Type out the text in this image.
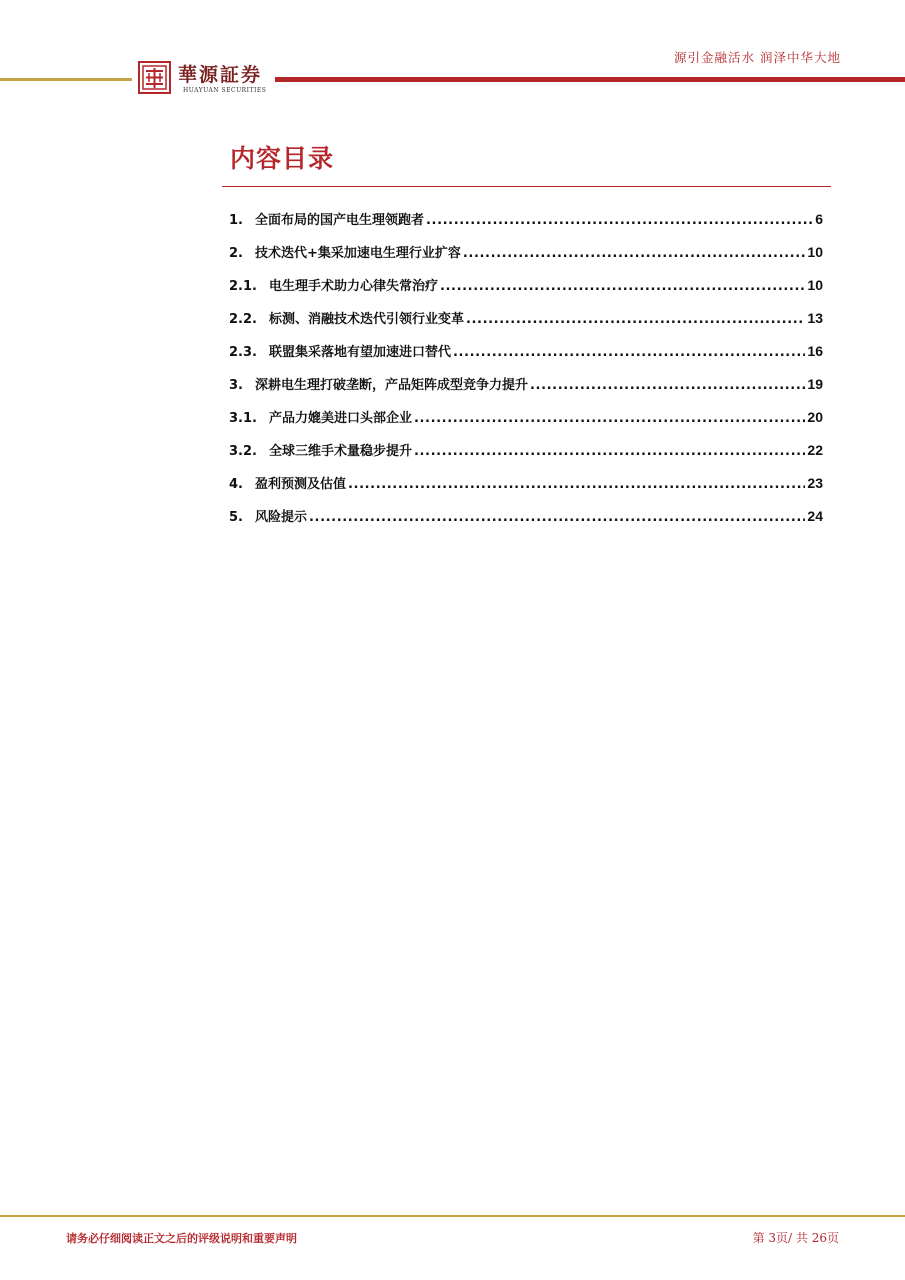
華源証券
HUAYUAN SECURITIES
源引金融活水 润泽中华大地
内容目录
1. 全面布局的国产电生理领跑者 .....	6
2. 技术迭代+集采加速电生理行业扩容 .....	10
2.1. 电生理手术助力心律失常治疗 .....	10
2.2. 标测、消融技术迭代引领行业变革 .....	13
2.3. 联盟集采落地有望加速进口替代 .....	16
3. 深耕电生理打破垄断，产品矩阵成型竞争力提升 .....	19
3.1. 产品力媲美进口头部企业 .....	20
3.2. 全球三维手术量稳步提升 .....	22
4. 盈利预测及估值 .....	23
5. 风险提示 .....	24
请务必仔细阅读正文之后的评级说明和重要声明	第 3页/ 共 26页
